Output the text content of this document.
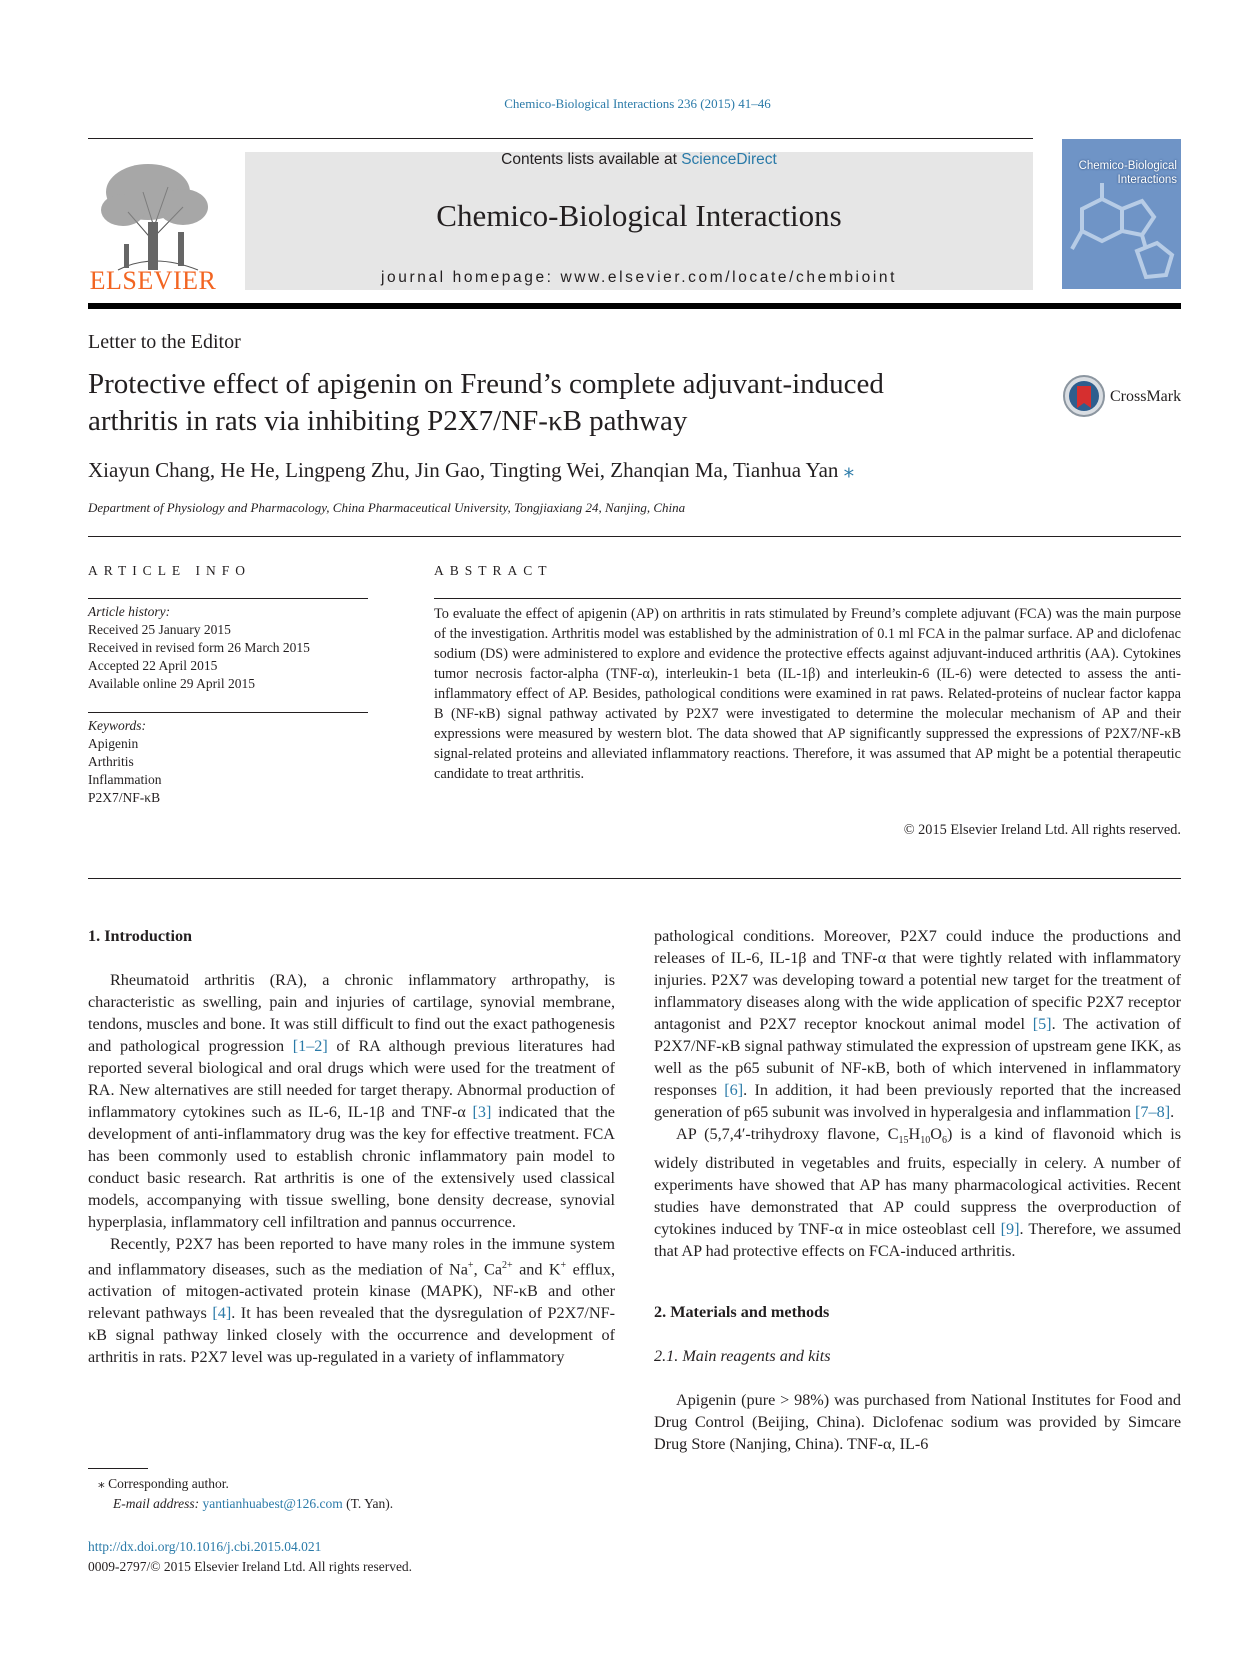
Chemico-Biological Interactions 236 (2015) 41–46
ELSEVIER
Contents lists available at ScienceDirect
Chemico-Biological Interactions
journal homepage: www.elsevier.com/locate/chembioint
Chemico-Biological Interactions
Letter to the Editor
Protective effect of apigenin on Freund’s complete adjuvant-induced
arthritis in rats via inhibiting P2X7/NF-κB pathway
CrossMark
Xiayun Chang, He He, Lingpeng Zhu, Jin Gao, Tingting Wei, Zhanqian Ma, Tianhua Yan ⁎
Department of Physiology and Pharmacology, China Pharmaceutical University, Tongjiaxiang 24, Nanjing, China
ARTICLE INFO
Article history:
Received 25 January 2015
Received in revised form 26 March 2015
Accepted 22 April 2015
Available online 29 April 2015
Keywords:
Apigenin
Arthritis
Inflammation
P2X7/NF-κB
ABSTRACT
To evaluate the effect of apigenin (AP) on arthritis in rats stimulated by Freund’s complete adjuvant (FCA) was the main purpose of the investigation. Arthritis model was established by the administration of 0.1 ml FCA in the palmar surface. AP and diclofenac sodium (DS) were administered to explore and evidence the protective effects against adjuvant-induced arthritis (AA). Cytokines tumor necrosis factor-alpha (TNF-α), interleukin-1 beta (IL-1β) and interleukin-6 (IL-6) were detected to assess the anti-inflammatory effect of AP. Besides, pathological conditions were examined in rat paws. Related-proteins of nuclear factor kappa B (NF-κB) signal pathway activated by P2X7 were investigated to determine the molecular mechanism of AP and their expressions were measured by western blot. The data showed that AP significantly suppressed the expressions of P2X7/NF-κB signal-related proteins and alleviated inflammatory reactions. Therefore, it was assumed that AP might be a potential therapeutic candidate to treat arthritis.
© 2015 Elsevier Ireland Ltd. All rights reserved.
1. Introduction

Rheumatoid arthritis (RA), a chronic inflammatory arthropathy, is characteristic as swelling, pain and injuries of cartilage, synovial membrane, tendons, muscles and bone. It was still difficult to find out the exact pathogenesis and pathological progression [1–2] of RA although previous literatures had reported several biological and oral drugs which were used for the treatment of RA. New alternatives are still needed for target therapy. Abnormal production of inflammatory cytokines such as IL-6, IL-1β and TNF-α [3] indicated that the development of anti-inflammatory drug was the key for effective treatment. FCA has been commonly used to establish chronic inflammatory pain model to conduct basic research. Rat arthritis is one of the extensively used classical models, accompanying with tissue swelling, bone density decrease, synovial hyperplasia, inflammatory cell infiltration and pannus occurrence.

Recently, P2X7 has been reported to have many roles in the immune system and inflammatory diseases, such as the mediation of Na+, $Ca^{2+}$ and K+ efflux, activation of mitogen-activated protein kinase (MAPK), NF-κB and other relevant pathways [4]. It has been revealed that the dysregulation of P2X7/NF-κB signal pathway linked closely with the occurrence and development of arthritis in rats. P2X7 level was up-regulated in a variety of inflammatory

pathological conditions. Moreover, P2X7 could induce the productions and releases of IL-6, IL-1β and TNF-α that were tightly related with inflammatory injuries. P2X7 was developing toward a potential new target for the treatment of inflammatory diseases along with the wide application of specific P2X7 receptor antagonist and P2X7 receptor knockout animal model [5]. The activation of P2X7/NF-κB signal pathway stimulated the expression of upstream gene IKK, as well as the p65 subunit of NF-κB, both of which intervened in inflammatory responses [6]. In addition, it had been previously reported that the increased generation of p65 subunit was involved in hyperalgesia and inflammation [7–8].

AP (5,7,4′-trihydroxy flavone, $C_{15}H_{10}O_6$) is a kind of flavonoid which is widely distributed in vegetables and fruits, especially in celery. A number of experiments have showed that AP has many pharmacological activities. Recent studies have demonstrated that AP could suppress the overproduction of cytokines induced by TNF-α in mice osteoblast cell [9]. Therefore, we assumed that AP had protective effects on FCA-induced arthritis.

2. Materials and methods
2.1. Main reagents and kits

Apigenin (pure > 98%) was purchased from National Institutes for Food and Drug Control (Beijing, China). Diclofenac sodium was provided by Simcare Drug Store (Nanjing, China). TNF-α, IL-6

⁎ Corresponding author.
E-mail address: yantianhuabest@126.com (T. Yan).
http://dx.doi.org/10.1016/j.cbi.2015.04.021
0009-2797/© 2015 Elsevier Ireland Ltd. All rights reserved.
